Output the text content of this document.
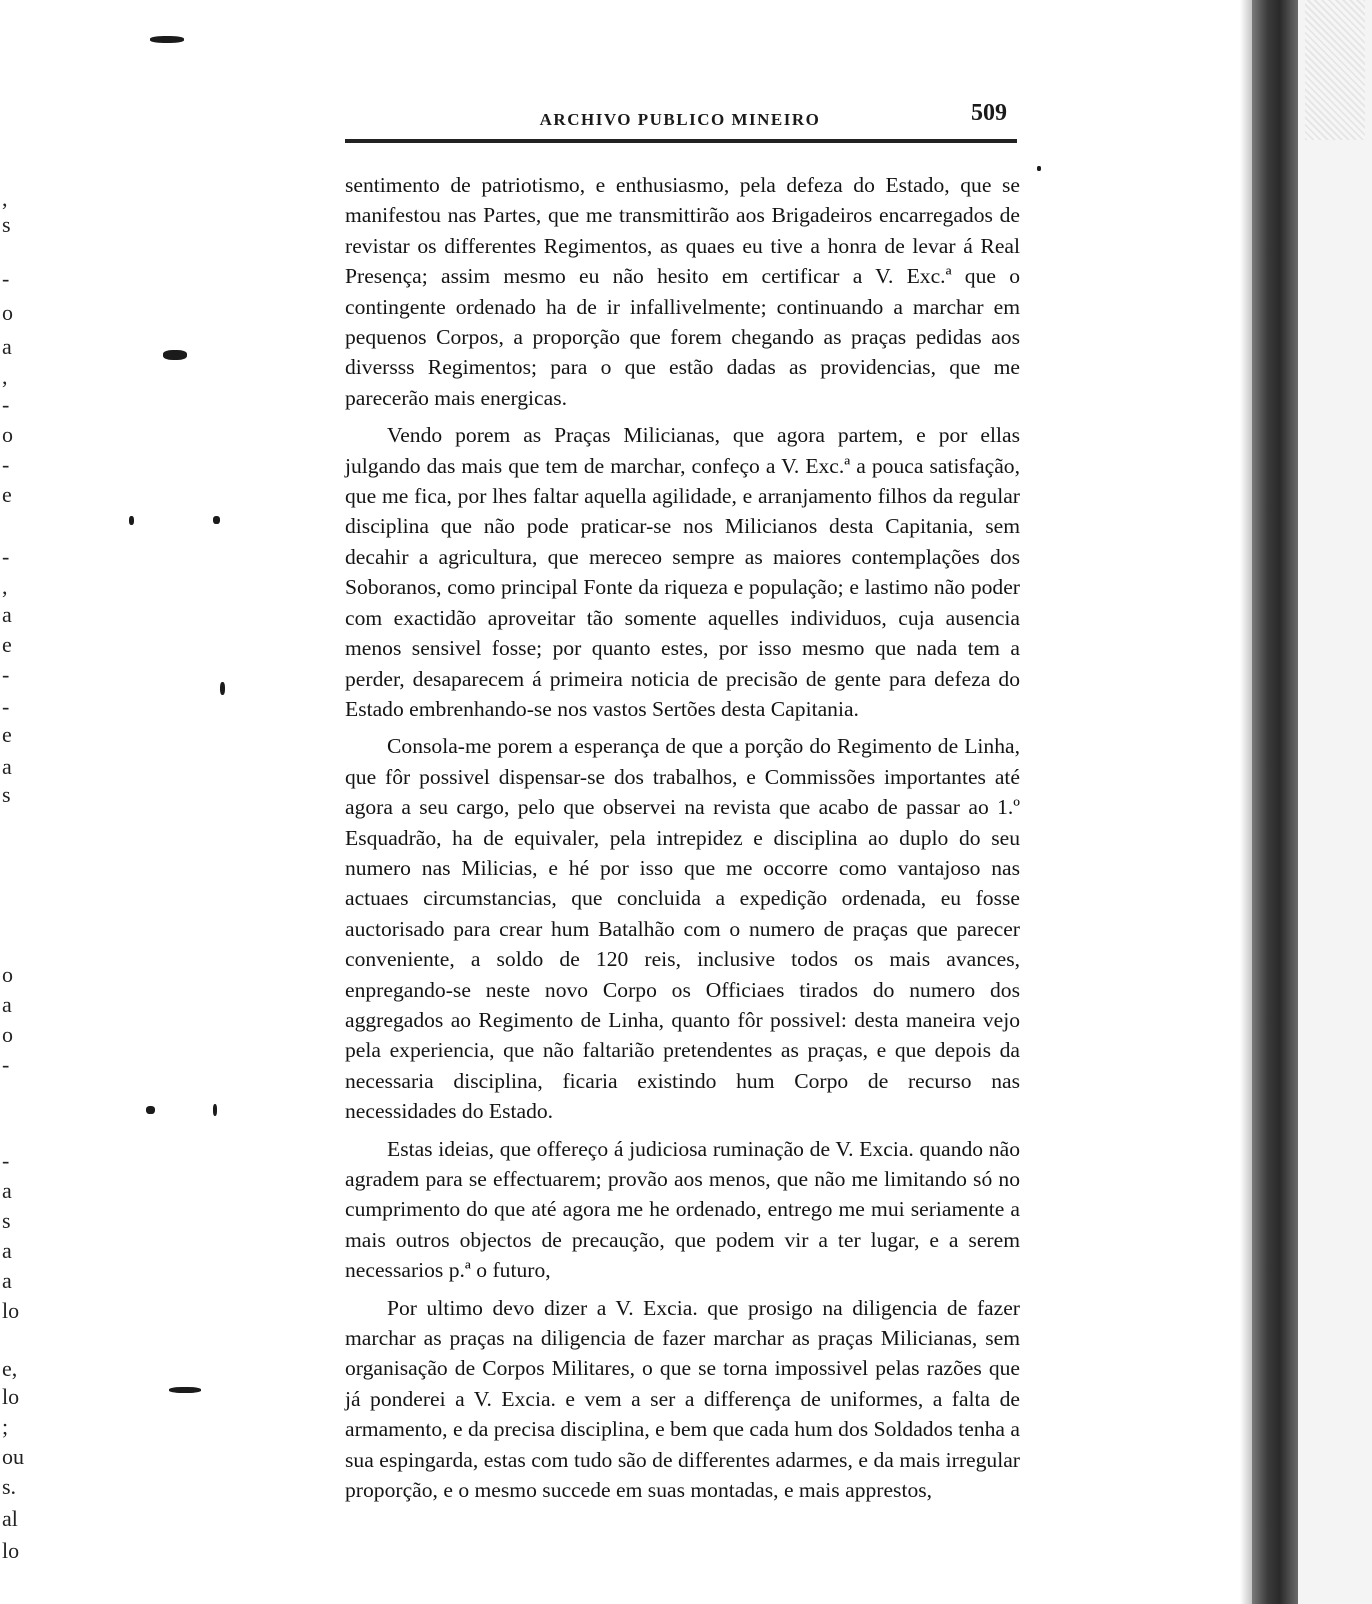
,
s
-
o
a
,
-
o
-
e
-
,
a
e
-
-
e
a
s
o
a
o
-
-
a
s
a
a
lo
e,
lo
;
ou
s.
al
lo
ARCHIVO PUBLICO MINEIRO	509

sentimento de patriotismo, e enthusiasmo, pela defeza do Estado, que se manifestou nas Partes, que me transmittirão aos Brigadeiros encarregados de revistar os differentes Regimentos, as quaes eu tive a honra de levar á Real Presença; assim mesmo eu não hesito em certificar a V. Exc.ª que o contingente ordenado ha de ir infallivelmente; continuando a marchar em pequenos Corpos, a proporção que forem chegando as praças pedidas aos diversss Regimentos; para o que estão dadas as providencias, que me parecerão mais energicas.

Vendo porem as Praças Milicianas, que agora partem, e por ellas julgando das mais que tem de marchar, confeço a V. Exc.ª a pouca satisfação, que me fica, por lhes faltar aquella agilidade, e arranjamento filhos da regular disciplina que não pode praticar-se nos Milicianos desta Capitania, sem decahir a agricultura, que mereceo sempre as maiores contemplações dos Soboranos, como principal Fonte da riqueza e população; e lastimo não poder com exactidão aproveitar tão somente aquelles individuos, cuja ausencia menos sensivel fosse; por quanto estes, por isso mesmo que nada tem a perder, desaparecem á primeira noticia de precisão de gente para defeza do Estado embrenhando-se nos vastos Sertões desta Capitania.

Consola-me porem a esperança de que a porção do Regimento de Linha, que fôr possivel dispensar-se dos trabalhos, e Commissões importantes até agora a seu cargo, pelo que observei na revista que acabo de passar ao 1.º Esquadrão, ha de equivaler, pela intrepidez e disciplina ao duplo do seu numero nas Milicias, e hé por isso que me occorre como vantajoso nas actuaes circumstancias, que concluida a expedição ordenada, eu fosse auctorisado para crear hum Batalhão com o numero de praças que parecer conveniente, a soldo de 120 reis, inclusive todos os mais avances, enpregando-se neste novo Corpo os Officiaes tirados do numero dos aggregados ao Regimento de Linha, quanto fôr possivel: desta maneira vejo pela experiencia, que não faltarião pretendentes as praças, e que depois da necessaria disciplina, ficaria existindo hum Corpo de recurso nas necessidades do Estado.

Estas ideias, que offereço á judiciosa ruminação de V. Excia. quando não agradem para se effectuarem; provão aos menos, que não me limitando só no cumprimento do que até agora me he ordenado, entrego me mui seriamente a mais outros objectos de precaução, que podem vir a ter lugar, e a serem necessarios p.ª o futuro,

Por ultimo devo dizer a V. Excia. que prosigo na diligencia de fazer marchar as praças na diligencia de fazer marchar as praças Milicianas, sem organisação de Corpos Militares, o que se torna impossivel pelas razões que já ponderei a V. Excia. e vem a ser a differença de uniformes, a falta de armamento, e da precisa disciplina, e bem que cada hum dos Soldados tenha a sua espingarda, estas com tudo são de differentes adarmes, e da mais irregular proporção, e o mesmo succede em suas montadas, e mais apprestos,
